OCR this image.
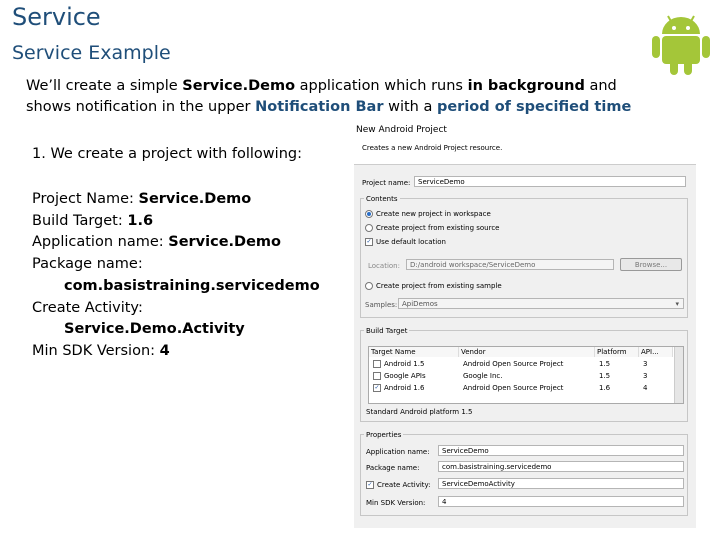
Service
Service Example
We’ll create a simple Service.Demo application which runs in background and shows notification in the upper Notification Bar with a period of specified time
1. We create a project with following:
Project Name: Service.Demo
Build Target: 1.6
Application name: Service.Demo
Package name:
com.basistraining.servicedemo
Create Activity:
Service.Demo.Activity
Min SDK Version: 4
New Android Project
Creates a new Android Project resource.
Project name:	ServiceDemo
Contents
Create new project in workspace
Create project from existing source
✓ Use default location
Location:	D:/android workspace/ServiceDemo	Browse...
Create project from existing sample
Samples: ApiDemos	▾
Build Target
Target Name	Vendor	Platform	API...
Android 1.5	Android Open Source Project	1.5	3
Google APIs	Google Inc.	1.5	3
✓ Android 1.6	Android Open Source Project	1.6	4
Standard Android platform 1.5
Properties
Application name:	ServiceDemo
Package name:	com.basistraining.servicedemo
✓ Create Activity:	ServiceDemoActivity
Min SDK Version:	4
